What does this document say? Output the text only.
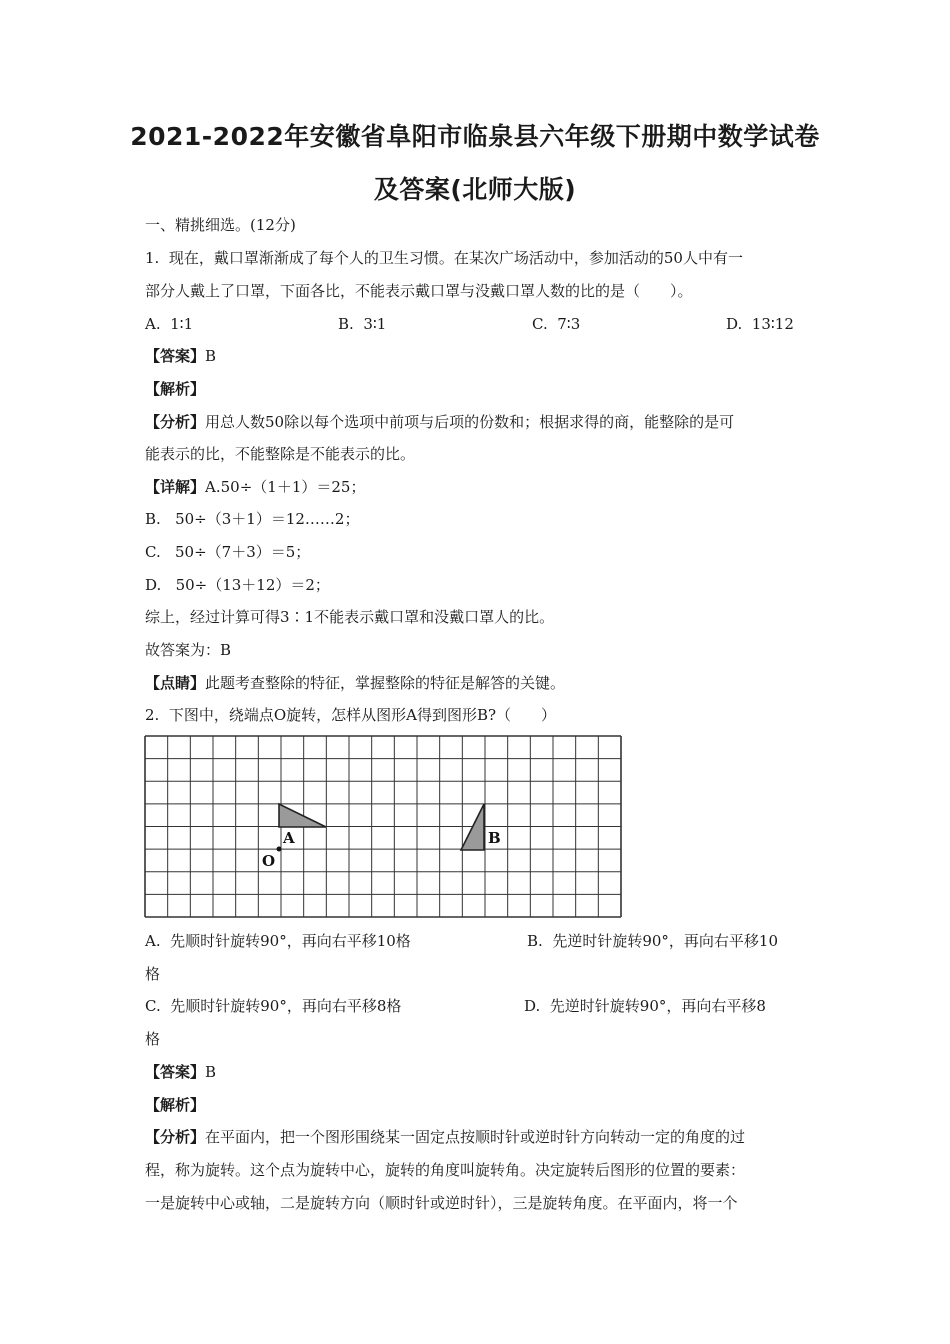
2021-2022年安徽省阜阳市临泉县六年级下册期中数学试卷
及答案(北师大版)
一、精挑细选。(12分)
1.  现在，戴口罩渐渐成了每个人的卫生习惯。在某次广场活动中，参加活动的50人中有一
部分人戴上了口罩，下面各比，不能表示戴口罩与没戴口罩人数的比的是（　　）。
A.  1∶1	B.  3∶1	C.  7∶3	D.  13∶12
【答案】B
【解析】
【分析】用总人数50除以每个选项中前项与后项的份数和；根据求得的商，能整除的是可
能表示的比，不能整除是不能表示的比。
【详解】A.50÷（1＋1）＝25；
B.   50÷（3＋1）＝12……2；
C.   50÷（7＋3）＝5；
D.   50÷（13＋12）＝2；
综上，经过计算可得3∶1不能表示戴口罩和没戴口罩人的比。
故答案为：B
【点睛】此题考查整除的特征，掌握整除的特征是解答的关键。
2.  下图中，绕端点O旋转，怎样从图形A得到图形B?（　　）
A	B
O
A.  先顺时针旋转90°，再向右平移10格	B.  先逆时针旋转90°，再向右平移10
格
C.  先顺时针旋转90°，再向右平移8格	D.  先逆时针旋转90°，再向右平移8
格
【答案】B
【解析】
【分析】在平面内，把一个图形围绕某一固定点按顺时针或逆时针方向转动一定的角度的过
程，称为旋转。这个点为旋转中心，旋转的角度叫旋转角。决定旋转后图形的位置的要素：
一是旋转中心或轴，二是旋转方向（顺时针或逆时针），三是旋转角度。在平面内，将一个
